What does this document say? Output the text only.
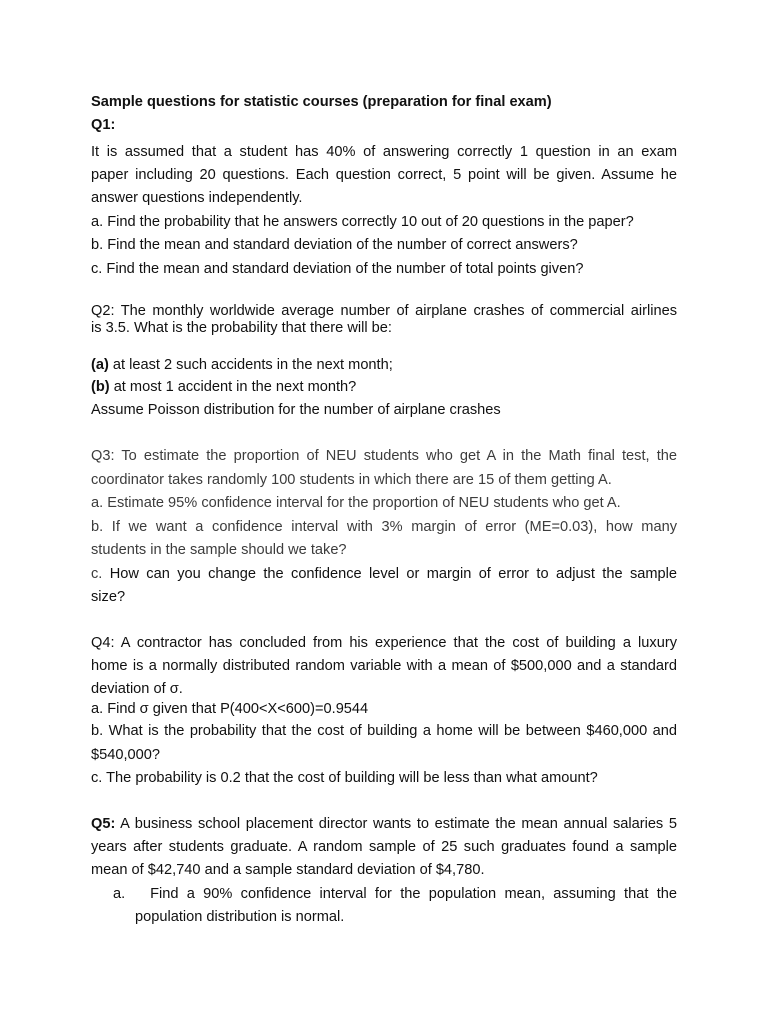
Sample questions for statistic courses (preparation for final exam)
Q1:
It is assumed that a student has 40% of answering correctly 1 question in an exam
paper including 20 questions. Each question correct, 5 point will be given. Assume he
answer questions independently.
a. Find the probability that he answers correctly 10 out of 20 questions in the paper?
b. Find the mean and standard deviation of the number of correct answers?
c. Find the mean and standard deviation of the number of total points given?
Q2: The monthly worldwide average number of airplane crashes of commercial airlines
is 3.5. What is the probability that there will be:
(a) at least 2 such accidents in the next month;
(b) at most 1 accident in the next month?
Assume Poisson distribution for the number of airplane crashes
Q3: To estimate the proportion of NEU students who get A in the Math final test, the
coordinator takes randomly 100 students in which there are 15 of them getting A.
a. Estimate 95% confidence interval for the proportion of NEU students who get A.
b. If we want a confidence interval with 3% margin of error (ME=0.03), how many
students in the sample should we take?
c. How can you change the confidence level or margin of error to adjust the sample
size?
Q4: A contractor has concluded from his experience that the cost of building a luxury
home is a normally distributed random variable with a mean of $500,000 and a standard
deviation of σ.
a. Find σ given that P(400<X<600)=0.9544
b. What is the probability that the cost of building a home will be between $460,000 and
$540,000?
c. The probability is 0.2 that the cost of building will be less than what amount?
Q5: A business school placement director wants to estimate the mean annual salaries 5
years after students graduate. A random sample of 25 such graduates found a sample
mean of $42,740 and a sample standard deviation of $4,780.
a. Find a 90% confidence interval for the population mean, assuming that the
population distribution is normal.
